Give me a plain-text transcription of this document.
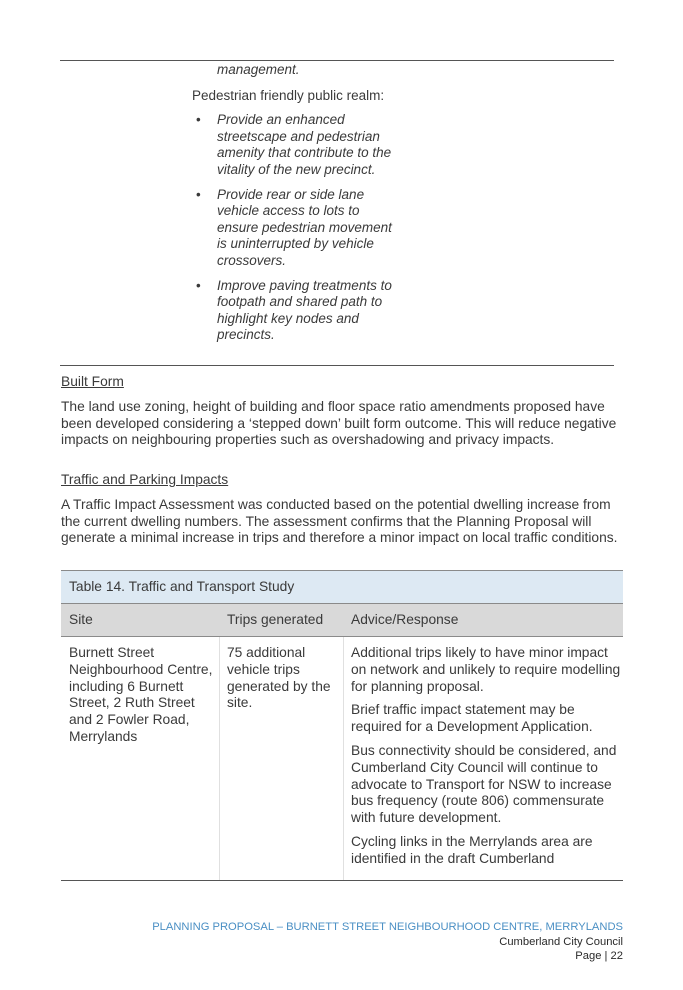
management.
Pedestrian friendly public realm:
• Provide an enhanced streetscape and pedestrian amenity that contribute to the vitality of the new precinct.
• Provide rear or side lane vehicle access to lots to ensure pedestrian movement is uninterrupted by vehicle crossovers.
• Improve paving treatments to footpath and shared path to highlight key nodes and precincts.
Built Form
The land use zoning, height of building and floor space ratio amendments proposed have been developed considering a ‘stepped down’ built form outcome. This will reduce negative impacts on neighbouring properties such as overshadowing and privacy impacts.
Traffic and Parking Impacts
A Traffic Impact Assessment was conducted based on the potential dwelling increase from the current dwelling numbers. The assessment confirms that the Planning Proposal will generate a minimal increase in trips and therefore a minor impact on local traffic conditions.
Table 14. Traffic and Transport Study
Site	Trips generated Advice/Response
Burnett Street Neighbourhood Centre, including 6 Burnett Street, 2 Ruth Street and 2 Fowler Road, Merrylands
75 additional vehicle trips generated by the site.

Additional trips likely to have minor impact on network and unlikely to require modelling for planning proposal.

Brief traffic impact statement may be required for a Development Application.

Bus connectivity should be considered, and Cumberland City Council will continue to advocate to Transport for NSW to increase bus frequency (route 806) commensurate with future development.

Cycling links in the Merrylands area are identified in the draft Cumberland

PLANNING PROPOSAL – BURNETT STREET NEIGHBOURHOOD CENTRE, MERRYLANDS
Cumberland City Council
Page | 22
